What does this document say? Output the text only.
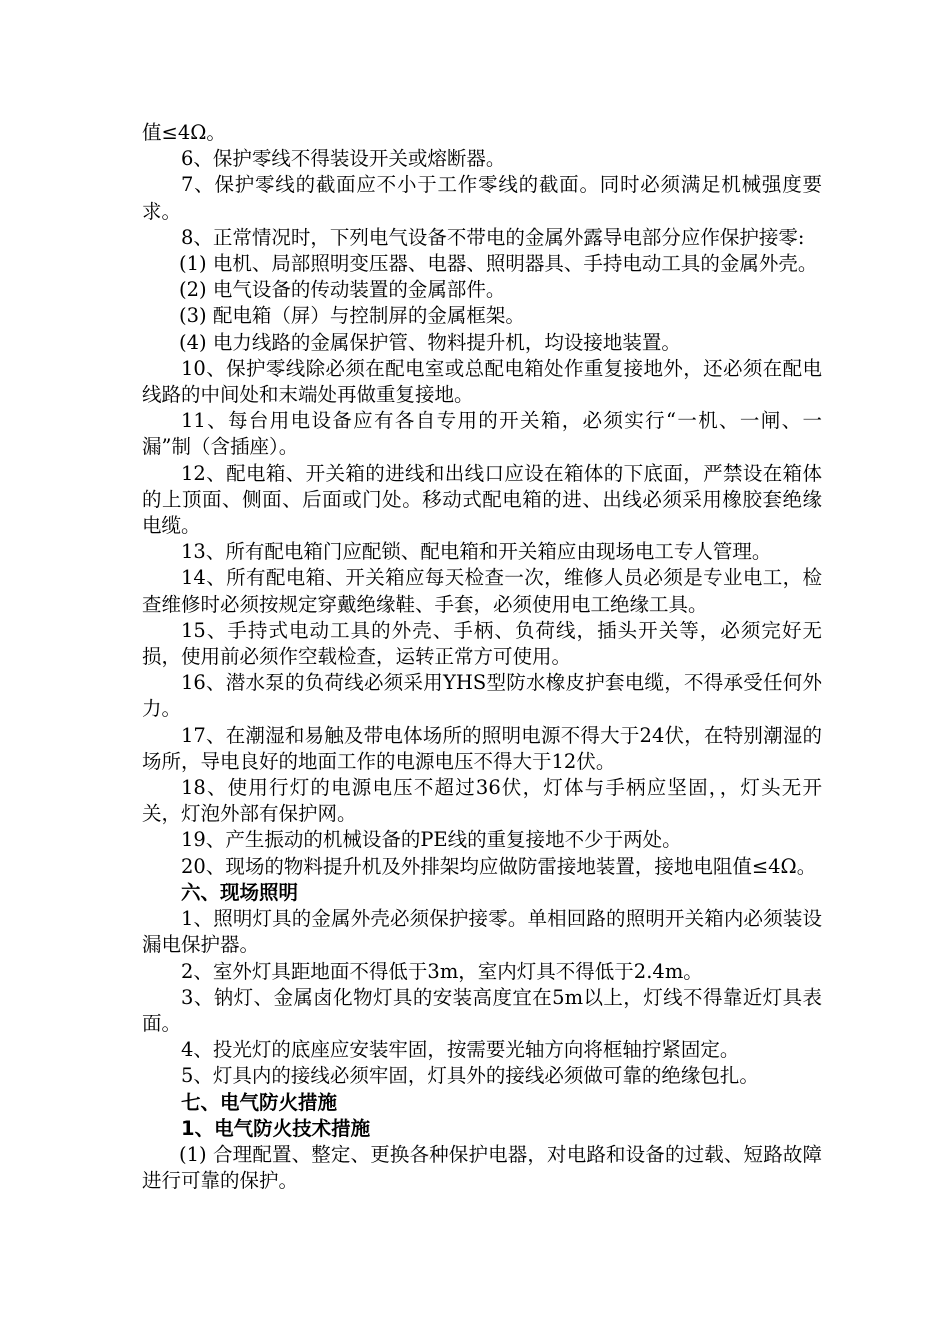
值≤4Ω。

6、保护零线不得装设开关或熔断器。

7、保护零线的截面应不小于工作零线的截面。同时必须满足机械强度要求。

8、正常情况时，下列电气设备不带电的金属外露导电部分应作保护接零:

(1) 电机、局部照明变压器、电器、照明器具、手持电动工具的金属外壳。

(2) 电气设备的传动装置的金属部件。

(3) 配电箱（屏）与控制屏的金属框架。

(4) 电力线路的金属保护管、物料提升机，均设接地装置。

10、保护零线除必须在配电室或总配电箱处作重复接地外，还必须在配电线路的中间处和末端处再做重复接地。

11、每台用电设备应有各自专用的开关箱，必须实行“一机、一闸、一漏”制（含插座）。

12、配电箱、开关箱的进线和出线口应设在箱体的下底面，严禁设在箱体的上顶面、侧面、后面或门处。移动式配电箱的进、出线必须采用橡胶套绝缘电缆。

13、所有配电箱门应配锁、配电箱和开关箱应由现场电工专人管理。

14、所有配电箱、开关箱应每天检查一次，维修人员必须是专业电工，检查维修时必须按规定穿戴绝缘鞋、手套，必须使用电工绝缘工具。

15、手持式电动工具的外壳、手柄、负荷线，插头开关等，必须完好无损，使用前必须作空载检查，运转正常方可使用。

16、潜水泵的负荷线必须采用YHS型防水橡皮护套电缆，不得承受任何外力。

17、在潮湿和易触及带电体场所的照明电源不得大于24伏，在特别潮湿的场所，导电良好的地面工作的电源电压不得大于12伏。

18、使用行灯的电源电压不超过36伏，灯体与手柄应坚固，，灯头无开关，灯泡外部有保护网。

19、产生振动的机械设备的PE线的重复接地不少于两处。

20、现场的物料提升机及外排架均应做防雷接地装置，接地电阻值≤4Ω。

六、现场照明

1、照明灯具的金属外壳必须保护接零。单相回路的照明开关箱内必须装设漏电保护器。

2、室外灯具距地面不得低于3m，室内灯具不得低于2.4m。

3、钠灯、金属卤化物灯具的安装高度宜在5m以上，灯线不得靠近灯具表面。

4、投光灯的底座应安装牢固，按需要光轴方向将框轴拧紧固定。

5、灯具内的接线必须牢固，灯具外的接线必须做可靠的绝缘包扎。

七、电气防火措施

1、电气防火技术措施

(1) 合理配置、整定、更换各种保护电器，对电路和设备的过载、短路故障进行可靠的保护。
